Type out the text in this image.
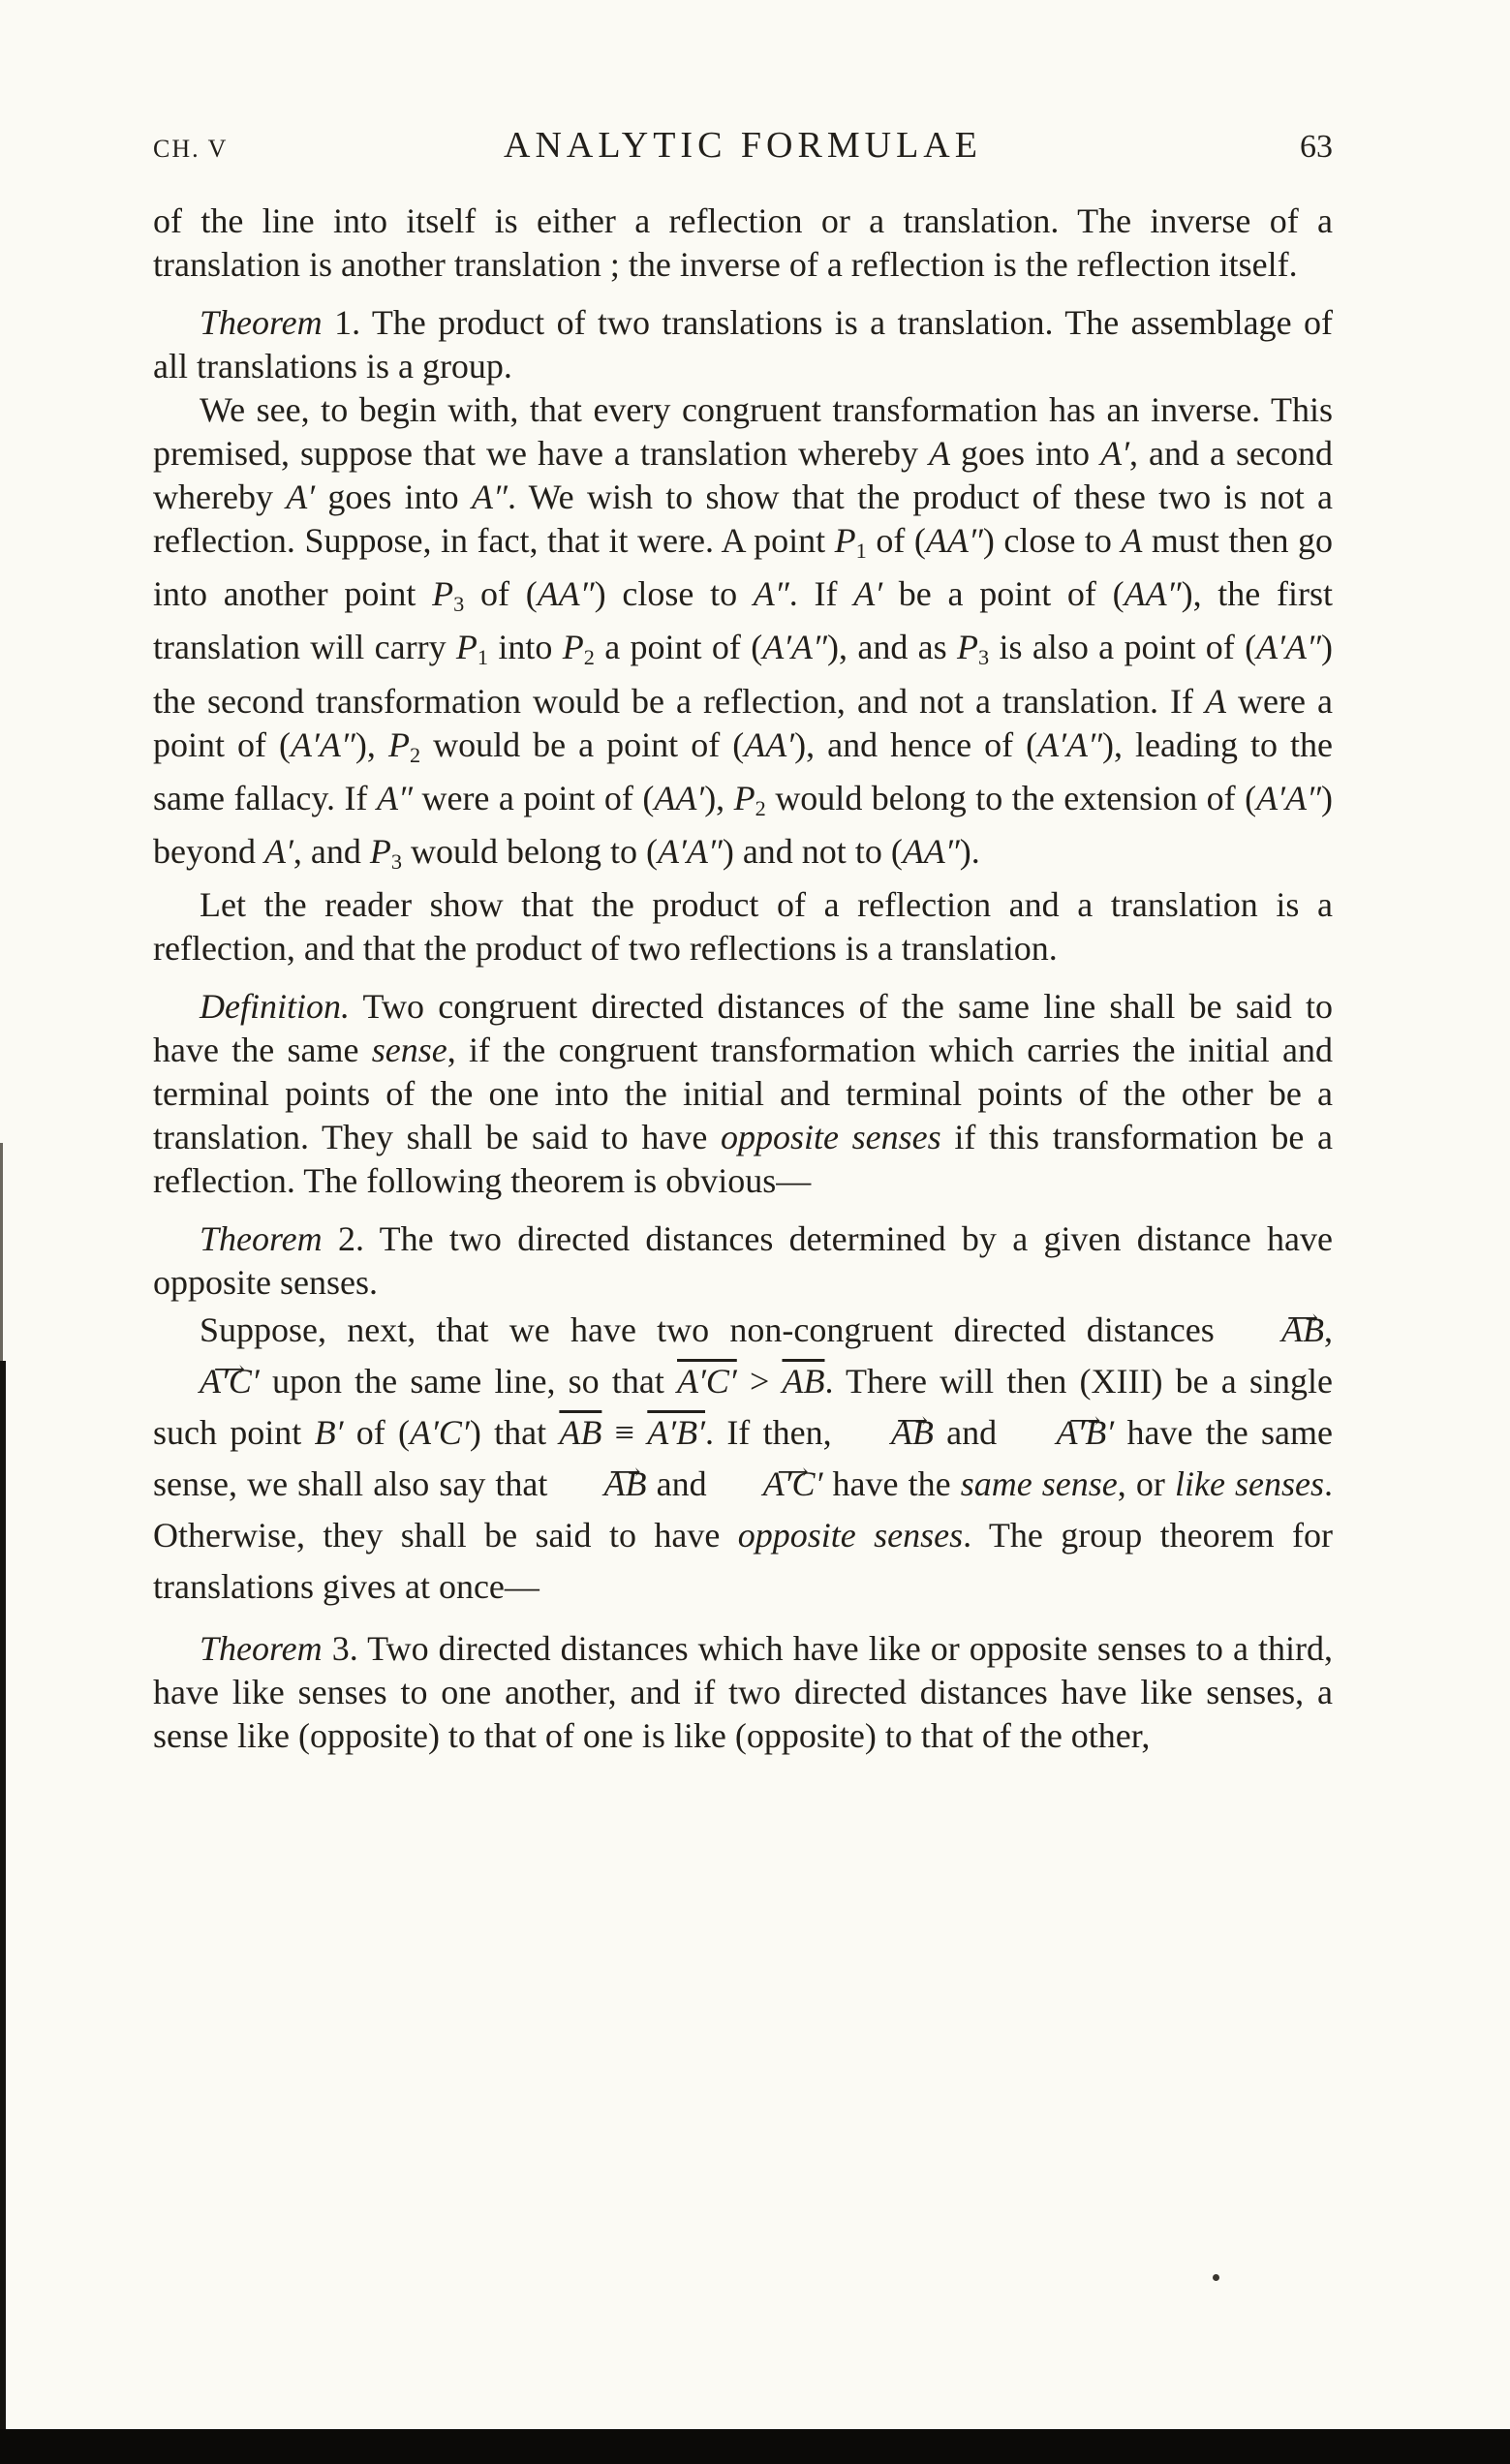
CH. V	ANALYTIC FORMULAE	63

of the line into itself is either a reflection or a translation. The inverse of a translation is another translation ; the inverse of a reflection is the reflection itself.

Theorem 1. The product of two translations is a translation. The assemblage of all translations is a group.

We see, to begin with, that every congruent transformation has an inverse. This premised, suppose that we have a translation whereby A goes into A′, and a second whereby A′ goes into A″. We wish to show that the product of these two is not a reflection. Suppose, in fact, that it were. A point P1 of (AA″) close to A must then go into another point P3 of (AA″) close to A″. If A′ be a point of (AA″), the first translation will carry P1 into P2 a point of (A′A″), and as P3 is also a point of (A′A″) the second transformation would be a reflection, and not a translation. If A were a point of (A′A″), P2 would be a point of (AA′), and hence of (A′A″), leading to the same fallacy. If A″ were a point of (AA′), P2 would belong to the extension of (A′A″) beyond A′, and P3 would belong to (A′A″) and not to (AA″).

Let the reader show that the product of a reflection and a translation is a reflection, and that the product of two reflections is a translation.

Definition. Two congruent directed distances of the same line shall be said to have the same sense, if the congruent transformation which carries the initial and terminal points of the one into the initial and terminal points of the other be a translation. They shall be said to have opposite senses if this transformation be a reflection. The following theorem is obvious—

Theorem 2. The two directed distances determined by a given distance have opposite senses.

Suppose, next, that we have two non-congruent directed distances AB ⟶, A′C′ ⟶ upon the same line, so that $A'C' > \overline{AB}$. There will then (XIII) be a single such point B′ of (A′C′) that $\overline{AB} \equiv A'B'$. If then, AB ⟶ and A′B′ ⟶ have the same sense, we shall also say that AB ⟶ and A′C′ ⟶ have the same sense, or like senses. Otherwise, they shall be said to have opposite senses. The group theorem for translations gives at once—

Theorem 3. Two directed distances which have like or opposite senses to a third, have like senses to one another, and if two directed distances have like senses, a sense like (opposite) to that of one is like (opposite) to that of the other,
